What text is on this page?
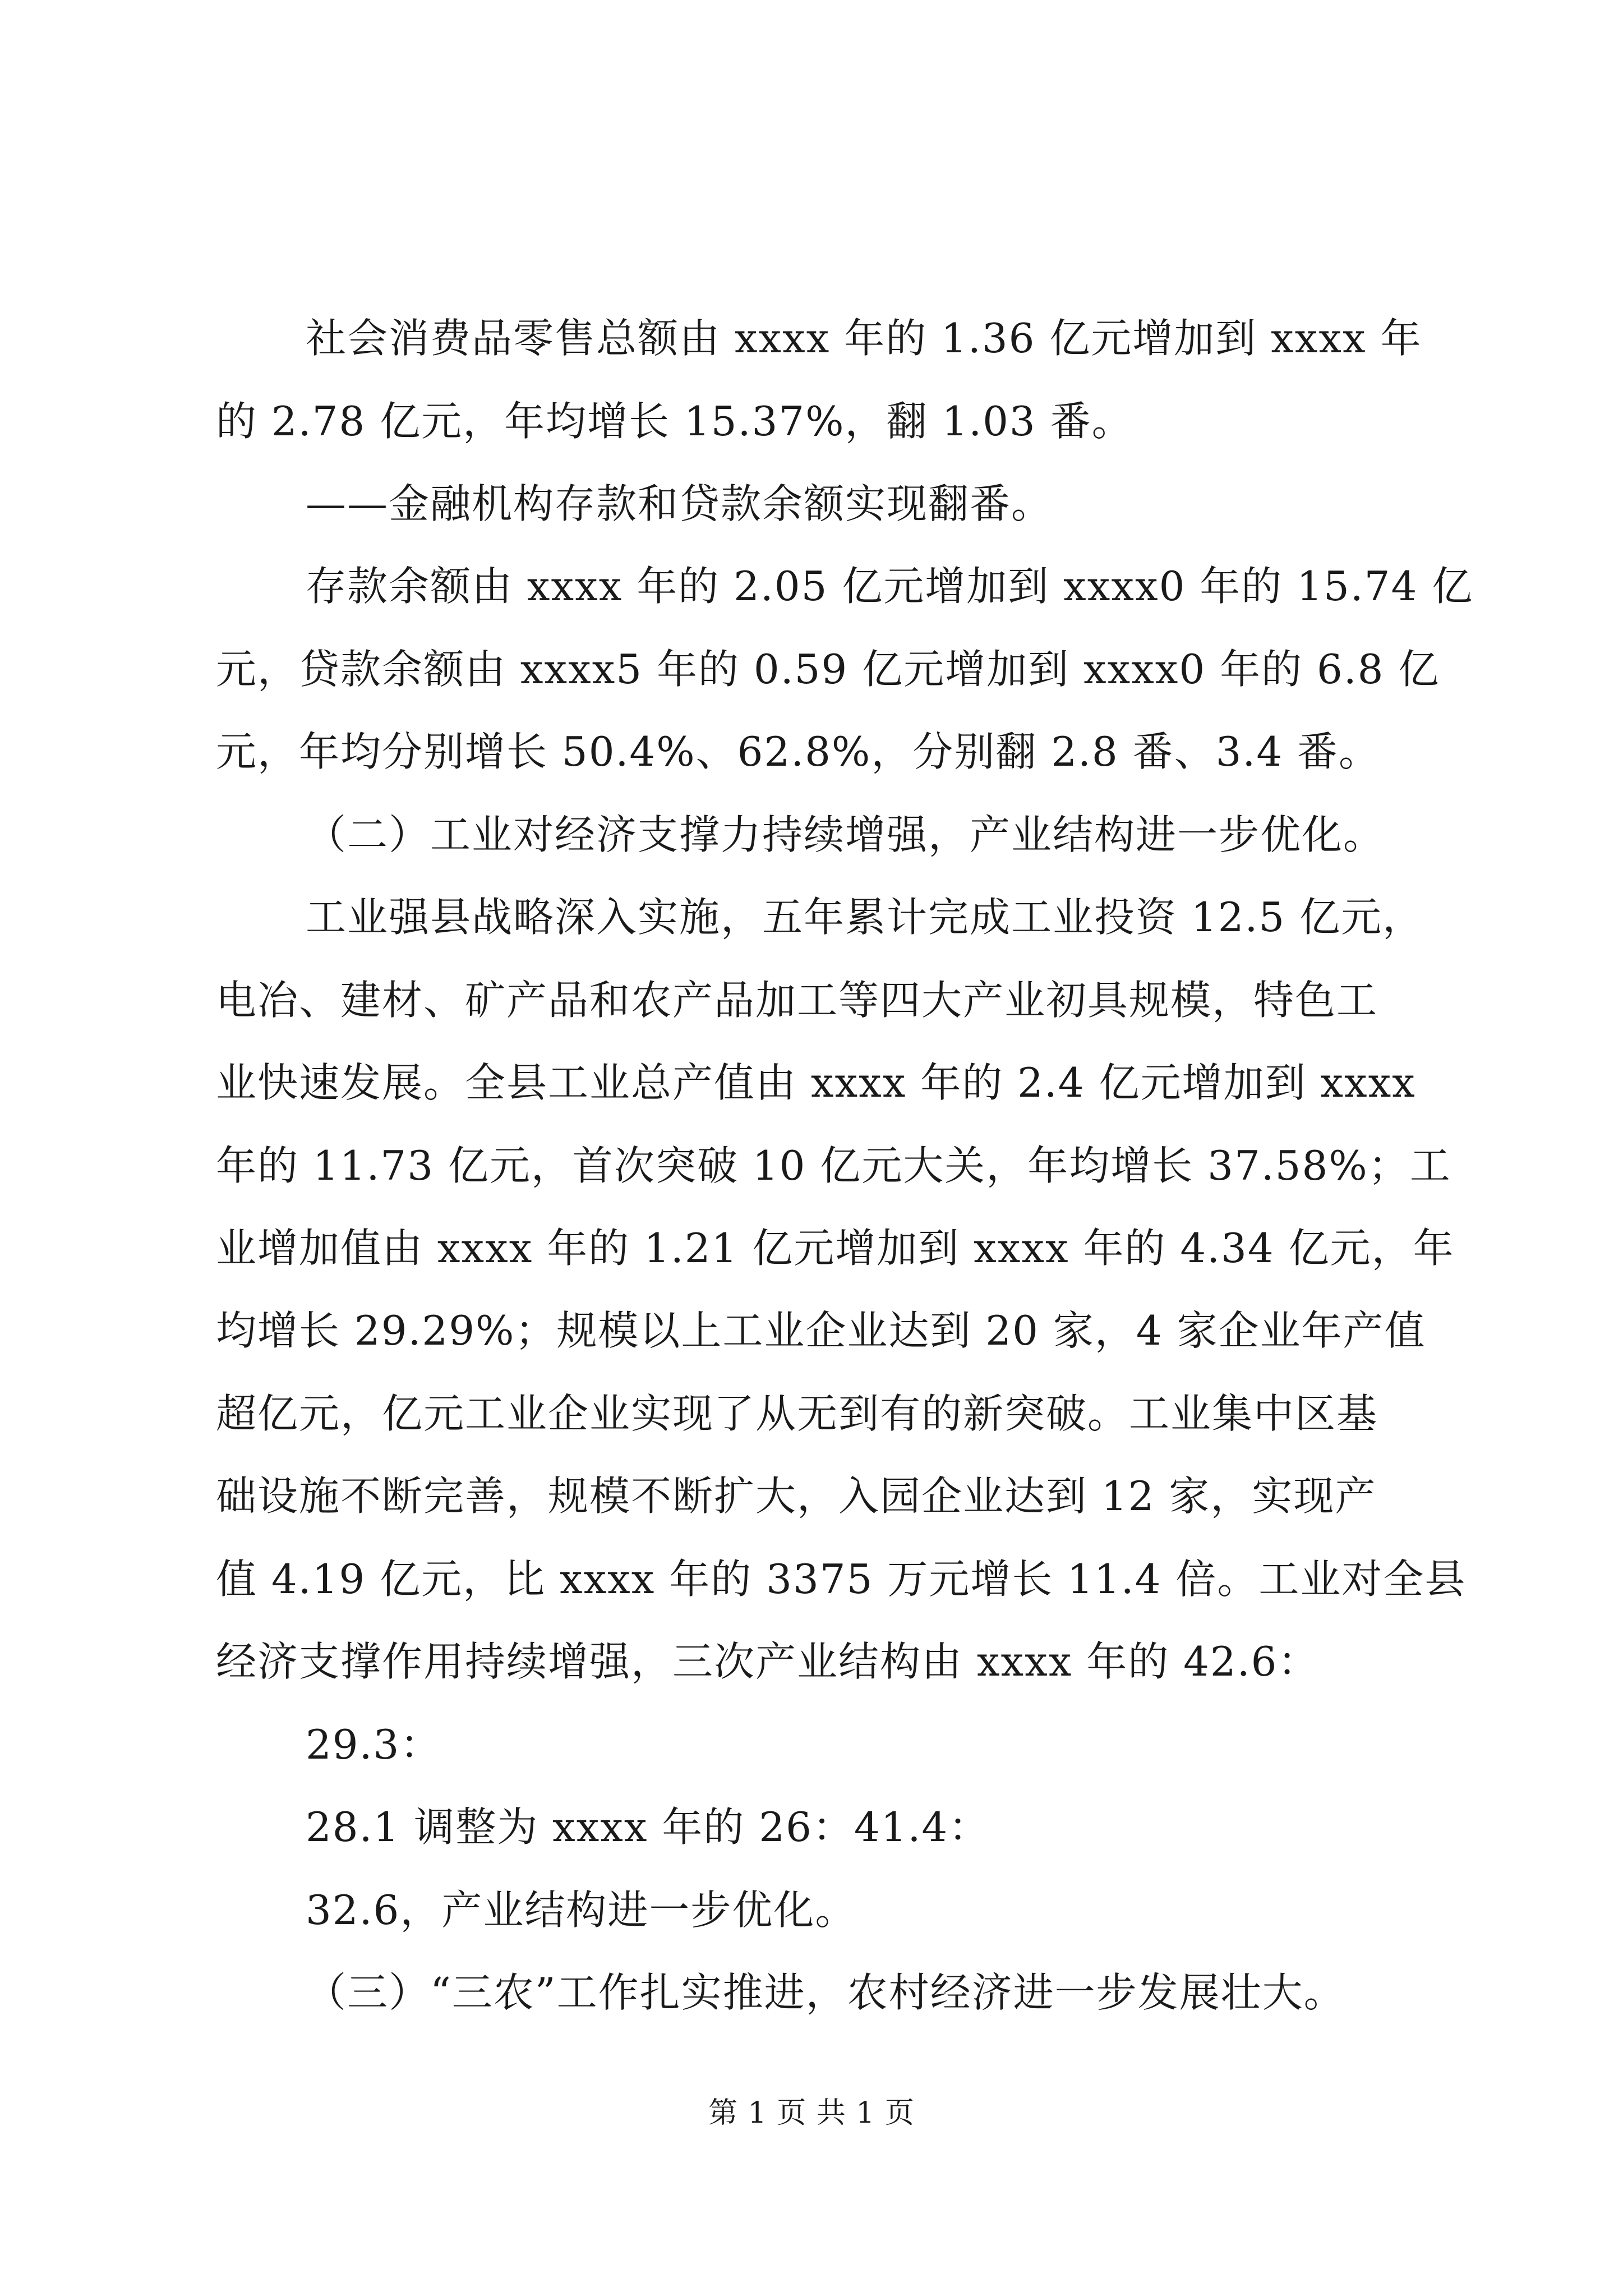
社会消费品零售总额由 xxxx 年的 1.36 亿元增加到 xxxx 年
的 2.78 亿元，年均增长 15.37%，翻 1.03 番。
——金融机构存款和贷款余额实现翻番。
存款余额由 xxxx 年的 2.05 亿元增加到 xxxx0 年的 15.74 亿
元，贷款余额由 xxxx5 年的 0.59 亿元增加到 xxxx0 年的 6.8 亿
元，年均分别增长 50.4%、62.8%，分别翻 2.8 番、3.4 番。
（二）工业对经济支撑力持续增强，产业结构进一步优化。
工业强县战略深入实施，五年累计完成工业投资 12.5 亿元，
电冶、建材、矿产品和农产品加工等四大产业初具规模，特色工
业快速发展。全县工业总产值由 xxxx 年的 2.4 亿元增加到 xxxx
年的 11.73 亿元，首次突破 10 亿元大关，年均增长 37.58%；工
业增加值由 xxxx 年的 1.21 亿元增加到 xxxx 年的 4.34 亿元，年
均增长 29.29%；规模以上工业企业达到 20 家，4 家企业年产值
超亿元，亿元工业企业实现了从无到有的新突破。工业集中区基
础设施不断完善，规模不断扩大，入园企业达到 12 家，实现产
值 4.19 亿元，比 xxxx 年的 3375 万元增长 11.4 倍。工业对全县
经济支撑作用持续增强，三次产业结构由 xxxx 年的 42.6：
29.3：
28.1 调整为 xxxx 年的 26：41.4：
32.6，产业结构进一步优化。
（三）“三农”工作扎实推进，农村经济进一步发展壮大。
第 1 页 共 1 页
